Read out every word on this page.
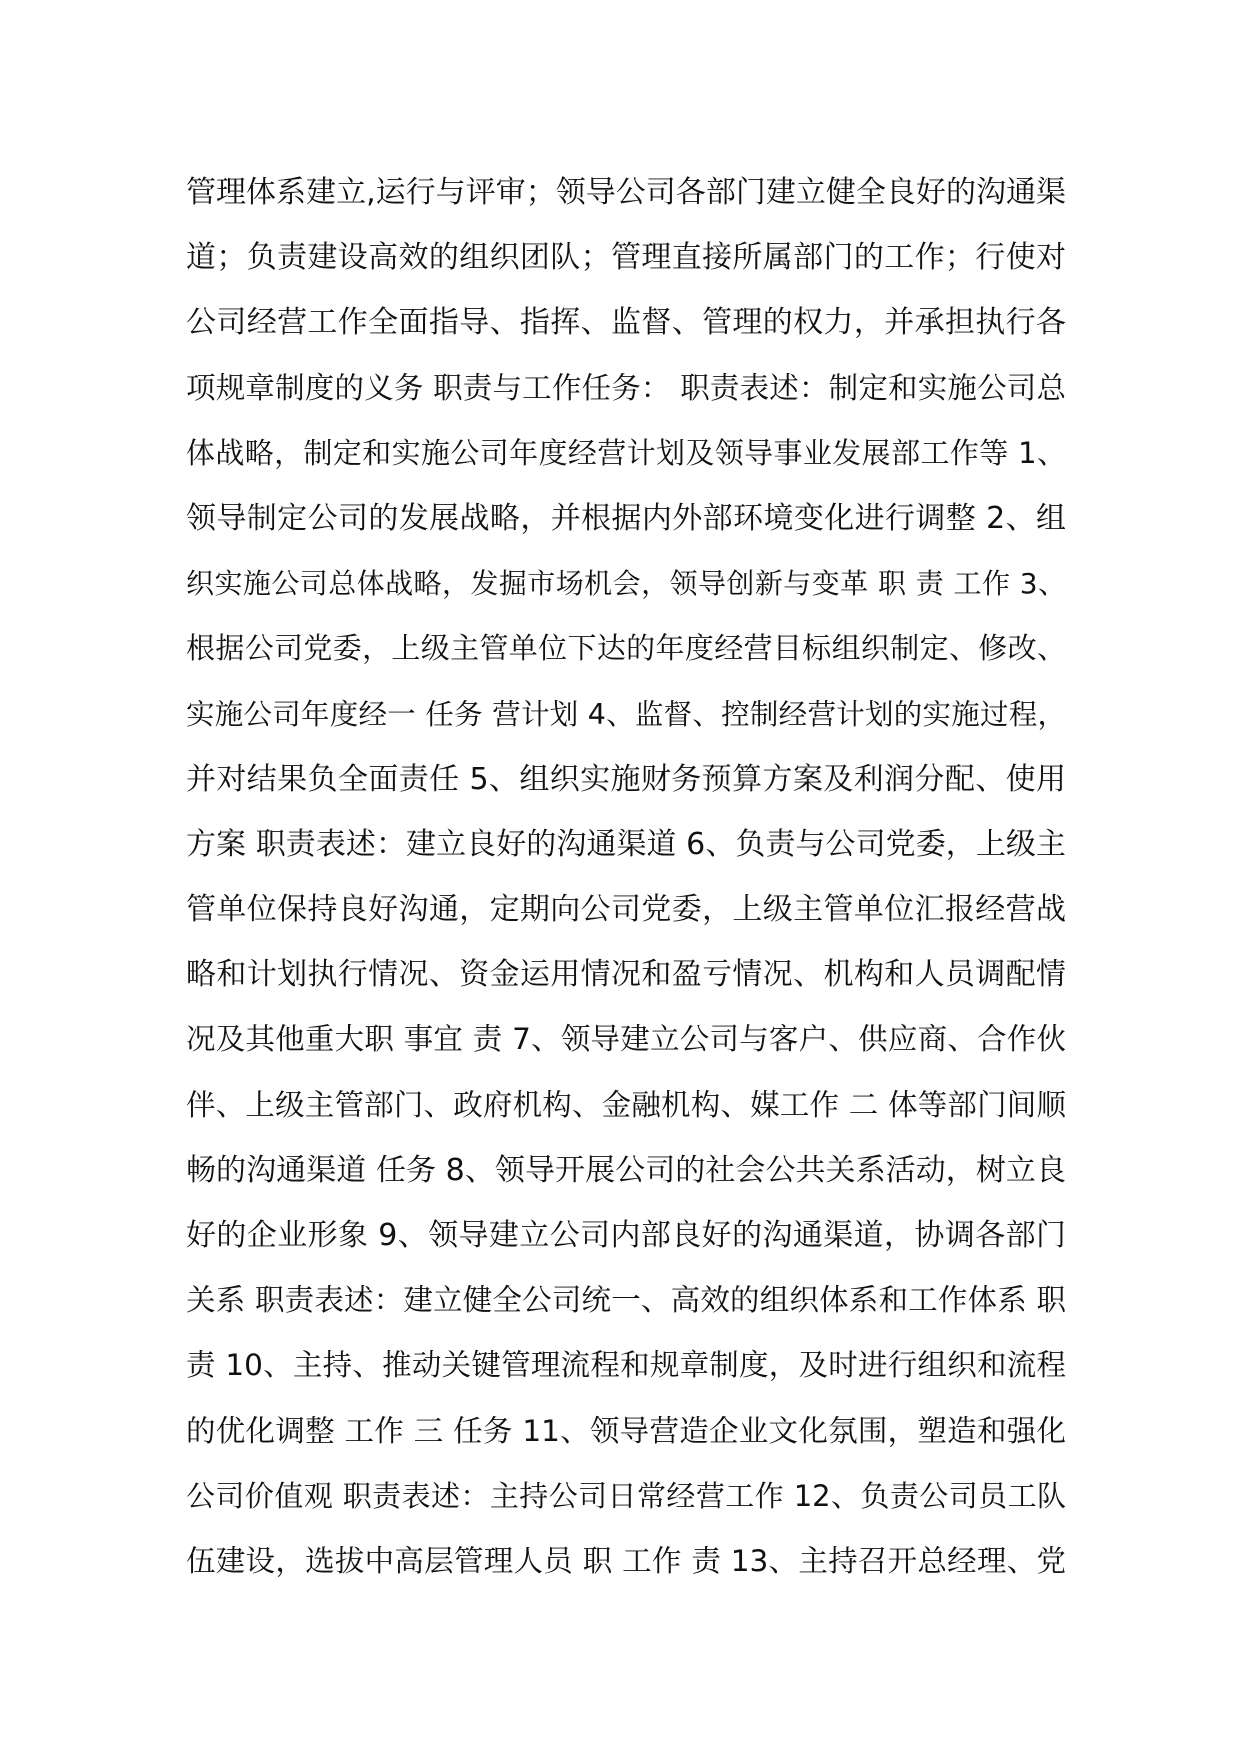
管理体系建立,运行与评审；领导公司各部门建立健全良好的沟通渠
道；负责建设高效的组织团队；管理直接所属部门的工作；行使对
公司经营工作全面指导、指挥、监督、管理的权力，并承担执行各
项规章制度的义务 职责与工作任务： 职责表述：制定和实施公司总
体战略，制定和实施公司年度经营计划及领导事业发展部工作等 1、
领导制定公司的发展战略，并根据内外部环境变化进行调整 2、组
织实施公司总体战略，发掘市场机会，领导创新与变革 职 责 工作 3、
根据公司党委，上级主管单位下达的年度经营目标组织制定、修改、
实施公司年度经一 任务 营计划 4、监督、控制经营计划的实施过程，
并对结果负全面责任 5、组织实施财务预算方案及利润分配、使用
方案 职责表述：建立良好的沟通渠道 6、负责与公司党委，上级主
管单位保持良好沟通，定期向公司党委，上级主管单位汇报经营战
略和计划执行情况、资金运用情况和盈亏情况、机构和人员调配情
况及其他重大职 事宜 责 7、领导建立公司与客户、供应商、合作伙
伴、上级主管部门、政府机构、金融机构、媒工作 二 体等部门间顺
畅的沟通渠道 任务 8、领导开展公司的社会公共关系活动，树立良
好的企业形象 9、领导建立公司内部良好的沟通渠道，协调各部门
关系 职责表述：建立健全公司统一、高效的组织体系和工作体系 职
责 10、主持、推动关键管理流程和规章制度，及时进行组织和流程
的优化调整 工作 三 任务 11、领导营造企业文化氛围，塑造和强化
公司价值观 职责表述：主持公司日常经营工作 12、负责公司员工队
伍建设，选拔中高层管理人员 职 工作 责 13、主持召开总经理、党
